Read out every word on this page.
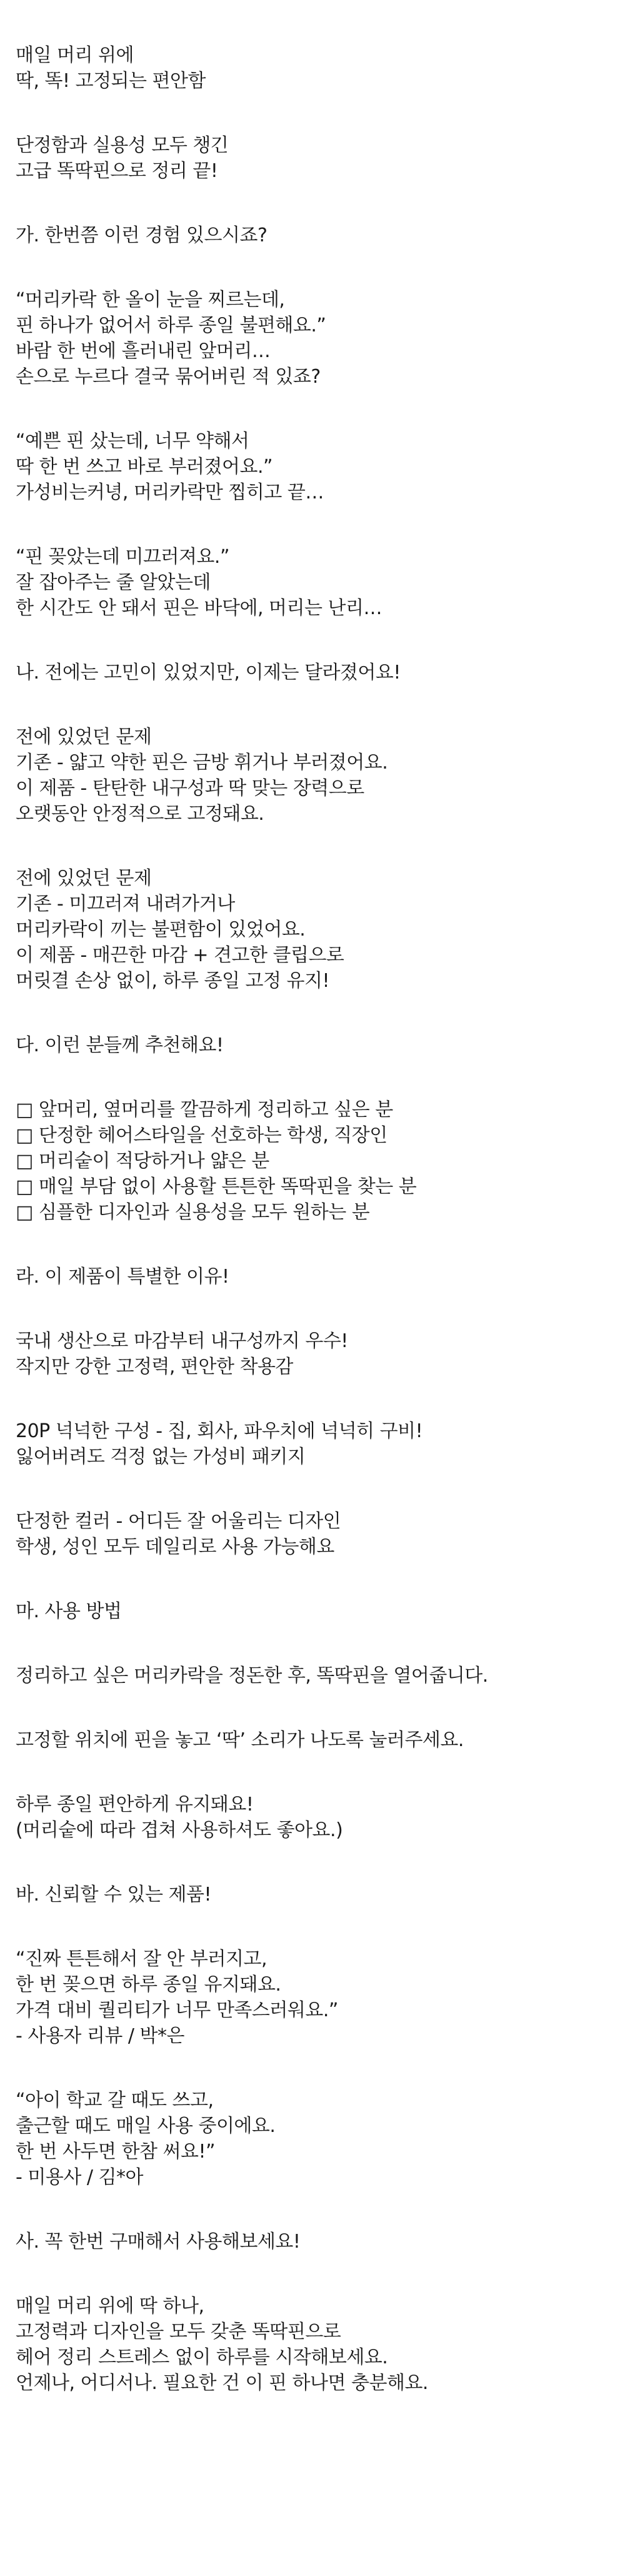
매일 머리 위에
딱, 똑! 고정되는 편안함
단정함과 실용성 모두 챙긴
고급 똑딱핀으로 정리 끝!
가. 한번쯤 이런 경험 있으시죠?
“머리카락 한 올이 눈을 찌르는데,
핀 하나가 없어서 하루 종일 불편해요.”
바람 한 번에 흘러내린 앞머리…
손으로 누르다 결국 묶어버린 적 있죠?
“예쁜 핀 샀는데, 너무 약해서
딱 한 번 쓰고 바로 부러졌어요.”
가성비는커녕, 머리카락만 찝히고 끝…
“핀 꽂았는데 미끄러져요.”
잘 잡아주는 줄 알았는데
한 시간도 안 돼서 핀은 바닥에, 머리는 난리…
나. 전에는 고민이 있었지만, 이제는 달라졌어요!
전에 있었던 문제
기존 - 얇고 약한 핀은 금방 휘거나 부러졌어요.
이 제품 - 탄탄한 내구성과 딱 맞는 장력으로
오랫동안 안정적으로 고정돼요.
전에 있었던 문제
기존 - 미끄러져 내려가거나
머리카락이 끼는 불편함이 있었어요.
이 제품 - 매끈한 마감 + 견고한 클립으로
머릿결 손상 없이, 하루 종일 고정 유지!
다. 이런 분들께 추천해요!
□ 앞머리, 옆머리를 깔끔하게 정리하고 싶은 분
□ 단정한 헤어스타일을 선호하는 학생, 직장인
□ 머리숱이 적당하거나 얇은 분
□ 매일 부담 없이 사용할 튼튼한 똑딱핀을 찾는 분
□ 심플한 디자인과 실용성을 모두 원하는 분
라. 이 제품이 특별한 이유!
국내 생산으로 마감부터 내구성까지 우수!
작지만 강한 고정력, 편안한 착용감
20P 넉넉한 구성 - 집, 회사, 파우치에 넉넉히 구비!
잃어버려도 걱정 없는 가성비 패키지
단정한 컬러 - 어디든 잘 어울리는 디자인
학생, 성인 모두 데일리로 사용 가능해요
마. 사용 방법
정리하고 싶은 머리카락을 정돈한 후, 똑딱핀을 열어줍니다.
고정할 위치에 핀을 놓고 ‘딱’ 소리가 나도록 눌러주세요.
하루 종일 편안하게 유지돼요!
(머리숱에 따라 겹쳐 사용하셔도 좋아요.)
바. 신뢰할 수 있는 제품!
“진짜 튼튼해서 잘 안 부러지고,
한 번 꽂으면 하루 종일 유지돼요.
가격 대비 퀄리티가 너무 만족스러워요.”
- 사용자 리뷰 / 박*은
“아이 학교 갈 때도 쓰고,
출근할 때도 매일 사용 중이에요.
한 번 사두면 한참 써요!”
- 미용사 / 김*아
사. 꼭 한번 구매해서 사용해보세요!
매일 머리 위에 딱 하나,
고정력과 디자인을 모두 갖춘 똑딱핀으로
헤어 정리 스트레스 없이 하루를 시작해보세요.
언제나, 어디서나. 필요한 건 이 핀 하나면 충분해요.
